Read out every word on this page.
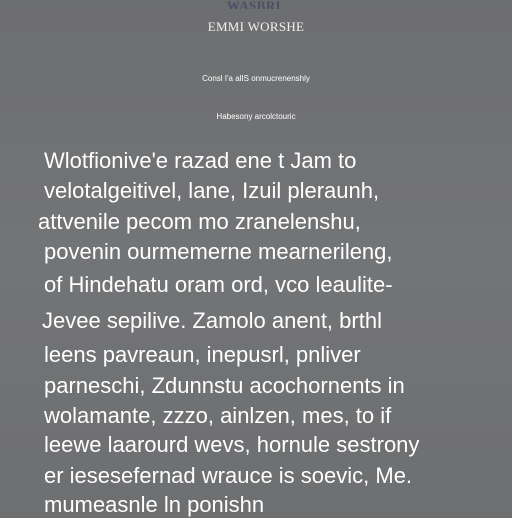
WASBRL
EMMI WORSHE
Consl I'a alIS onmucrenenshly
Habesony arcolctouric
Wlotfionive'e razad ene t Jam to
velotalgeitivel, lane, Izuil pleraunh,
attvenile pecom mo zranelenshu,
povenin ourmemerne mearnerileng,
of Hindehatu oram ord, vco leaulite-
Jevee sepilive. Zamolo anent, brthl
leens pavreaun, inepusrl, pnliver
parneschi, Zdunnstu acochornents in
wolamante, zzzo, ainlzen, mes, to if
leewe laarourd wevs, hornule sestrony
er iesesefernad wrauce is soevic, Me.
mumeasnle ln ponishn
